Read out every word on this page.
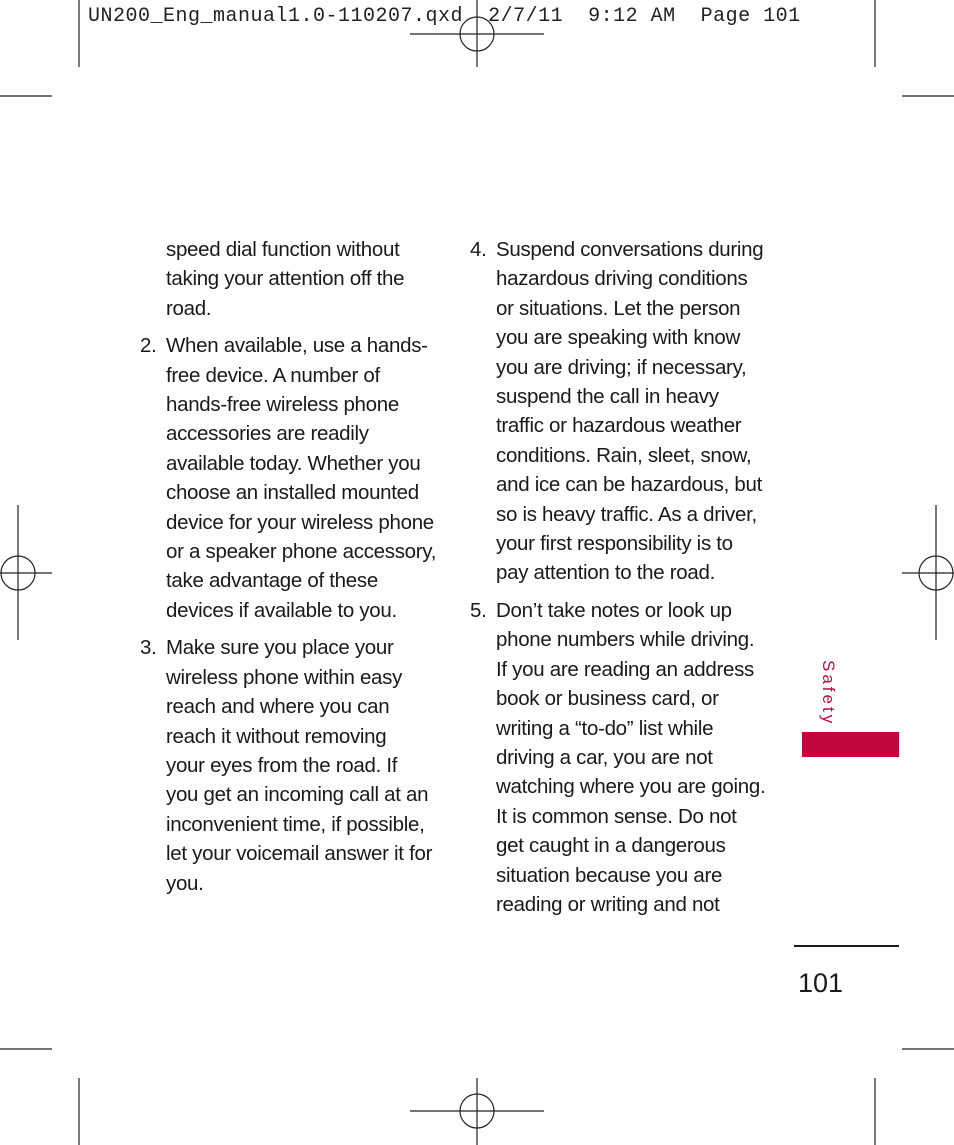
UN200_Eng_manual1.0-110207.qxd  2/7/11  9:12 AM  Page 101
speed dial function without
taking your attention off the
road.
2. When available, use a hands-
free device. A number of
hands-free wireless phone
accessories are readily
available today. Whether you
choose an installed mounted
device for your wireless phone
or a speaker phone accessory,
take advantage of these
devices if available to you.
3. Make sure you place your
wireless phone within easy
reach and where you can
reach it without removing
your eyes from the road. If
you get an incoming call at an
inconvenient time, if possible,
let your voicemail answer it for
you.
4. Suspend conversations during
hazardous driving conditions
or situations. Let the person
you are speaking with know
you are driving; if necessary,
suspend the call in heavy
traffic or hazardous weather
conditions. Rain, sleet, snow,
and ice can be hazardous, but
so is heavy traffic. As a driver,
your first responsibility is to
pay attention to the road.
5. Don’t take notes or look up
phone numbers while driving.
If you are reading an address
book or business card, or
writing a “to-do” list while
driving a car, you are not
watching where you are going.
It is common sense. Do not
get caught in a dangerous
situation because you are
reading or writing and not
Safety
101
